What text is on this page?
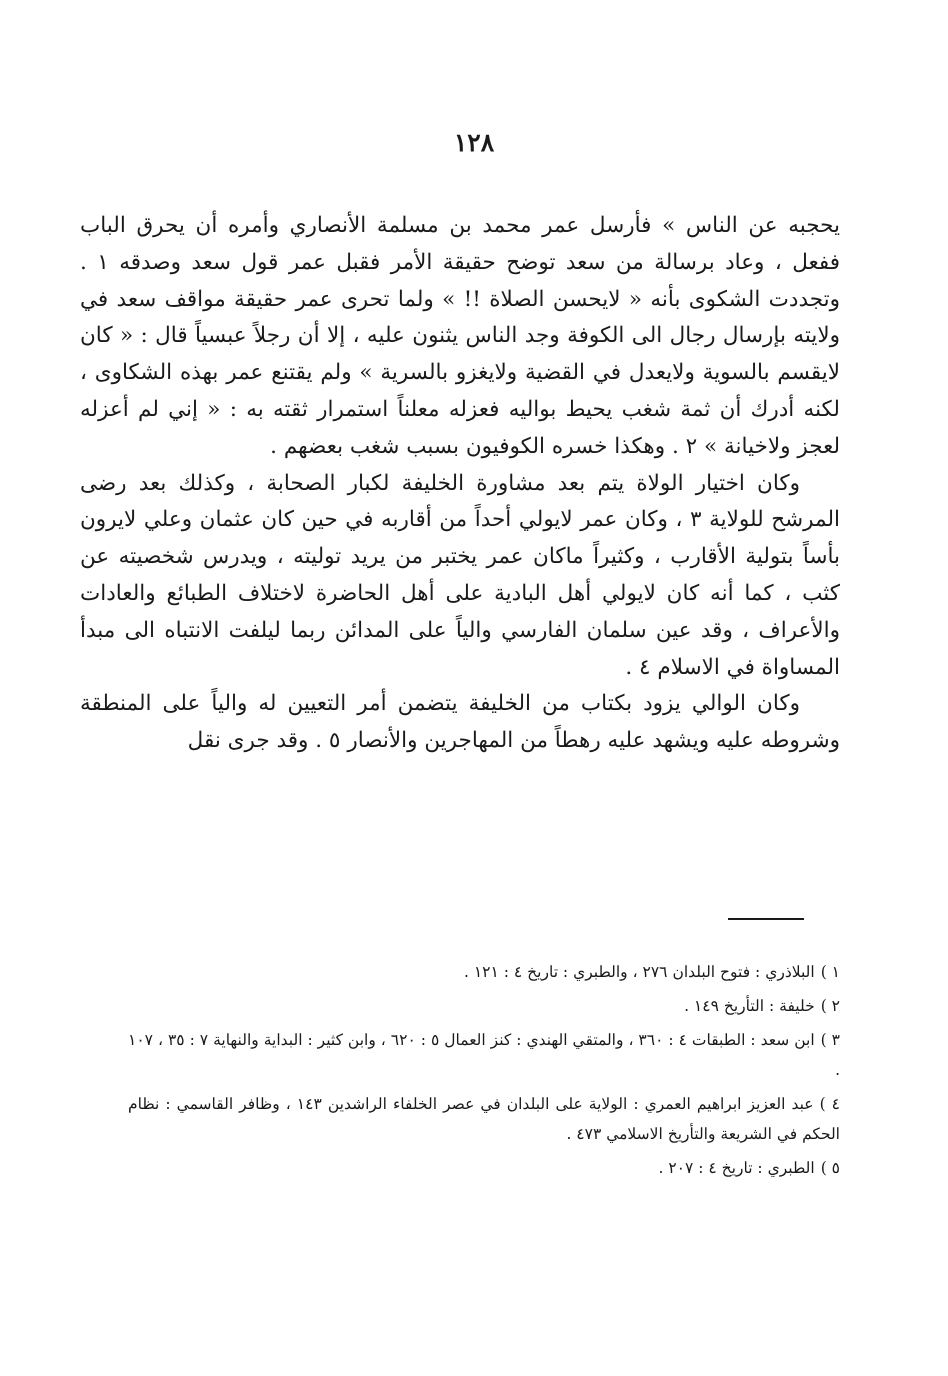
١٢٨

يحجبه عن الناس » فأرسل عمر محمد بن مسلمة الأنصاري وأمره أن يحرق الباب ففعل ، وعاد برسالة من سعد توضح حقيقة الأمر فقبل عمر قول سعد وصدقه ١ . وتجددت الشكوى بأنه « لايحسن الصلاة !! » ولما تحرى عمر حقيقة مواقف سعد في ولايته بإرسال رجال الى الكوفة وجد الناس يثنون عليه ، إلا أن رجلاً عبسياً قال : « كان لايقسم بالسوية ولايعدل في القضية ولايغزو بالسرية » ولم يقتنع عمر بهذه الشكاوى ، لكنه أدرك أن ثمة شغب يحيط بواليه فعزله معلناً استمرار ثقته به : « إني لم أعزله لعجز ولاخيانة » ٢ . وهكذا خسره الكوفيون بسبب شغب بعضهم .

وكان اختيار الولاة يتم بعد مشاورة الخليفة لكبار الصحابة ، وكذلك بعد رضى المرشح للولاية ٣ ، وكان عمر لايولي أحداً من أقاربه في حين كان عثمان وعلي لايرون بأساً بتولية الأقارب ، وكثيراً ماكان عمر يختبر من يريد توليته ، ويدرس شخصيته عن كثب ، كما أنه كان لايولي أهل البادية على أهل الحاضرة لاختلاف الطبائع والعادات والأعراف ، وقد عين سلمان الفارسي والياً على المدائن ربما ليلفت الانتباه الى مبدأ المساواة في الاسلام ٤ .

وكان الوالي يزود بكتاب من الخليفة يتضمن أمر التعيين له والياً على المنطقة وشروطه عليه ويشهد عليه رهطاً من المهاجرين والأنصار ٥ . وقد جرى نقل

١ )البلاذري : فتوح البلدان ٢٧٦ ، والطبري : تاريخ ٤ : ١٢١ .

٢ )خليفة : التأريخ ١٤٩ .

٣ )ابن سعد : الطبقات ٤ : ٣٦٠ ، والمتقي الهندي : كنز العمال ٥ : ٦٢٠ ، وابن كثير : البداية والنهاية ٧ : ٣٥ ، ١٠٧ .

٤ )عبد العزيز ابراهيم العمري : الولاية على البلدان في عصر الخلفاء الراشدين ١٤٣ ، وظافر القاسمي : نظام الحكم في الشريعة والتأريخ الاسلامي ٤٧٣ .

٥ )الطبري : تاريخ ٤ : ٢٠٧ .
